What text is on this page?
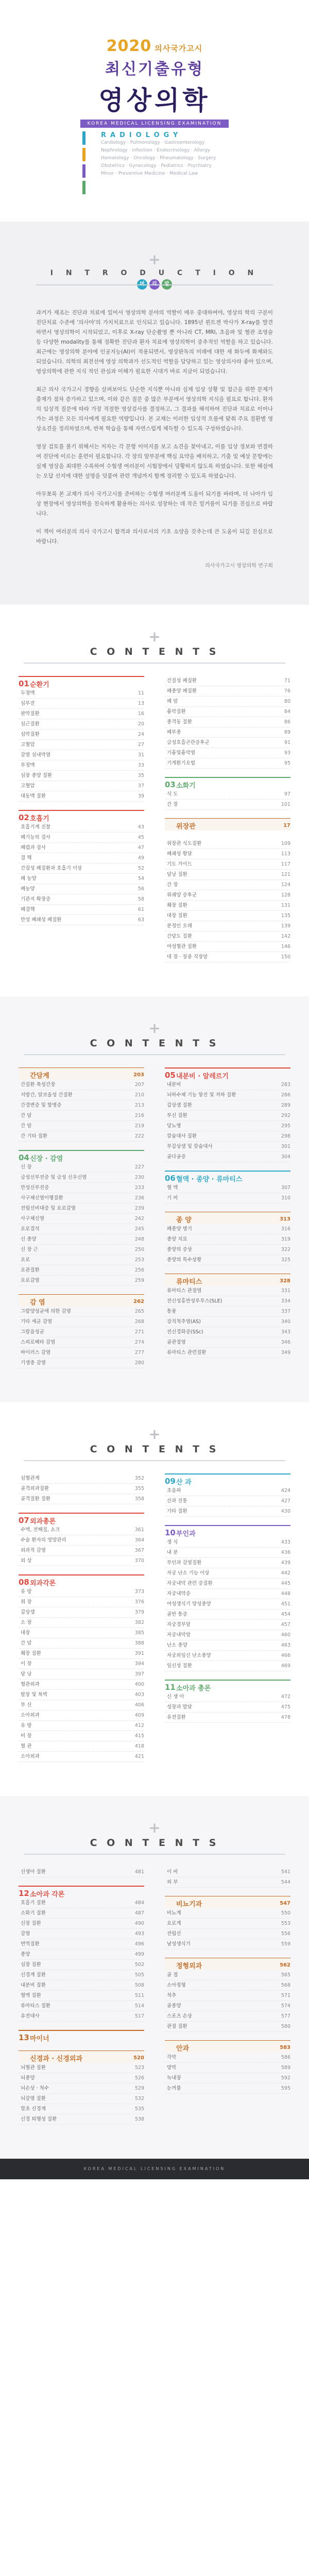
2020 의사국가고시
최신기출유형
영상의학
KOREA MEDICAL LICENSING EXAMINATION
RADIOLOGY
Cardiology · Pulmonology · Gastroenterology
Nephrology · Infection · Endocrinology · Allergy
Hematology · Oncology · Rheumatology · Surgery
Obstetrics · Gynecology · Pediatrics · Psychiatry
Minor · Preventive Medicine · Medical Law
+
I N T R O D U C T I O N

과거가 재조는 진단과 치료에 있어서 영상의학 분야의 역할이 매우 중대하여야, 영상의 학의 구분이 진단치료 수준에 '의사야'의 가치치료으로 인식되고 있습니다. 1895년 뢴트겐 박사가 X-ray를 발견하면서 영상의학이 시작되었고, 이후로 X-ray 단순촬영 뿐 아니라 CT, MRI, 초음파 및 혈관 조영술 등 다양한 modality를 통해 정확한 진단과 환자 치료에 영상의학이 중추적인 역할을 하고 있습니다. 최근에는 영상의학 분야에 인공지능(AI)이 적용되면서, 영상판독의 미래에 대한 새 화두에 화제와도 되었습니다. 의학의 최전선에 영상 의학과가 선도적인 역할을 담당하고 있는 영상의사라 좋아 있으며, 영상의학에 관한 지식 적인 관심과 이해가 필요한 시대가 바로 지금이 되었습니다.

최근 의사 국가고시 경향을 살펴보아도 단순한 지식뿐 아니라 실제 임상 상황 및 접근을 위한 문제가 출제가 점차 증가하고 있으며, 이와 같은 질문 중 많은 부분에서 영상의학 지식을 필요로 합니다. 환자의 임상적 질문에 따라 가장 적절한 영상검사를 결정하고, 그 결과를 해석하여 진단과 치료로 이어나가는 과정은 모든 의사에게 필요한 역량입니다. 본 교재는 이러한 임상적 흐름에 맞춰 주요 질환별 영상소견을 정리하였으며, 반복 학습을 통해 자연스럽게 체득할 수 있도록 구성하였습니다.

영상 검토를 풀기 위해서는 저자는 각 문항 이미지를 보고 소견을 찾아내고, 이를 임상 정보와 연결하여 진단에 이르는 훈련이 필요합니다. 각 장의 앞부분에 핵심 요약을 배치하고, 기출 및 예상 문항에는 실제 영상을 최대한 수록하여 수험생 여러분이 시험장에서 당황하지 않도록 하였습니다. 또한 해설에는 오답 선지에 대한 설명을 덧붙여 관련 개념까지 함께 정리할 수 있도록 하였습니다.

아무쪼록 본 교재가 의사 국가고시를 준비하는 수험생 여러분께 도움이 되기를 바라며, 더 나아가 임상 현장에서 영상의학을 친숙하게 활용하는 의사로 성장하는 데 작은 밑거름이 되기를 진심으로 바랍니다.

이 책이 여러분의 의사 국가고시 합격과 의사로서의 기초 소양을 갖추는데 큰 도움이 되길 진심으로 바랍니다.

의사국가고시 영상의학 연구회
+
C O N T E N T S
01 순환기
두정맥	11
심부전	13
판막질환	16
심근질환	20
심막질환	24
고혈압	27
감염 심내막염	31
부정맥	33
심장 종양 질환	35
고혈압	37
대동맥 질환	39
02 호흡기
호흡기계 진찰	43
폐기능의 검사	45
폐렴과 검사	47
결 핵	49
간질성 폐질환과 호흡기 이상	52
폐 농양	54
폐농양	56
기관지 확장증	58
폐결핵	61
만성 폐쇄성 폐질환	63
간질성 폐질환	71
폐종양 폐질환	76
폐 암	80
흉막질환	84
종격동 질환	86
폐부종	89
급성호흡곤란증후군	91
기흉및흉막염	93
기계환기요법	95
03 소화기
식 도	97
간 장	101
위장관	17
위장관 식도질환	109
폐쇄성 황달	113
기도 가이드	117
담낭 질환	121
간 장	124
위궤양 증후군	128
췌장 질환	131
대장 질환	135
분정인 오래	139
간담도 질환	142
여성혈관 질환	146
대 장 · 장중 직장암	150
+
C O N T E N T S
간담계	203
간질환 축성간장	207
지방간, 알코올성 간질환	210
간경변증 및 합병증	213
간 담	216
간 암	219
간 기타 질환	222
04 신장 · 감염
신 장	227
급성신부전증 및 급성 신우신염	230
만성신부전증	233
사구체신염이행질환	236
전립선비대증 및 요로감염	239
사구체신염	242
요로결석	245
신 종양	248
신 장 근	250
요로	253
요관질환	256
요로감염	259
감 염	262
그람양성균에 의한 감염	265
기타 세균 감염	268
그람음성균	271
스피로헤타 감염	274
바이러스 감염	277
기생충 감염	280
05 내분비 · 알레르기
내분비	283
뇌하수체 기능 항진 및 저하 질환	286
갑상샘 질환	289
부신 질환	292
당뇨병	295
칼슘대사 질환	298
부갑상샘 및 칼슘대사	301
골다공증	304
06 혈액 · 종양 · 류마티스
혈 액	307
기 비	310
종 양	313
폐종양 병기	316
종양 치료	319
종양의 증상	322
종양의 특수상황	325
류마티스	328
류마티스 관절염	331
전신성홍반성루푸스(SLE)	334
통풍	337
강직척추염(AS)	340
전신경화증(SSc)	343
골관절염	346
류마티스 관련질환	349
+
C O N T E N T S
심혈관계	352
골격외과질환	355
골격질환 질환	358
07 외과총론
수액, 전해질, 쇼크	361
수술 환자의 영양관리	364
외과적 감염	367
외 상	370
08 외과각론
유 방	373
위 장	376
갑상샘	379
소 장	382
대장	385
간 담	388
췌장 질환	391
이 장	394
담 낭	397
혈관외과	400
탈장 및 복벽	403
부 신	406
소아외과	409
유 방	412
비 장	415
혈 관	418
소아외과	421
09 산 과
초음파	424
산과 진통	427
기타 질환	430
10 부인과
생 식	433
내 분	436
부인과 감염질환	439
자궁 난소 기능 이상	442
자궁내막 관련 증질환	445
자궁내막증	448
여성생식기 양성종양	451
골반 통증	454
자궁경부암	457
자궁내막암	460
난소 종양	463
자궁외임신 난소종양	466
임신성 질환	469
11 소아과 총론
신 생 아	472
성장과 발달	475
유전질환	478
+
C O N T E N T S
신생아 질환	481
12 소아과 각론
호흡기 질환	484
소화기 질환	487
신장 질환	490
감염	493
면역질환	496
종양	499
심장 질환	502
신경계 질환	505
내분비 질환	508
혈액 질환	511
류마티스 질환	514
유전대사	517
13 마이너
신경과 · 신경외과	520
뇌혈관 질환	523
뇌종양	526
뇌손상 · 척수	529
뇌감염 질환	532
말초 신경계	535
신경 퇴행성 질환	538
이 비	541
피 부	544
비뇨기과	547
비뇨계	550
요로계	553
전립선	556
남성생식기	559
정형외과	562
골 절	565
소아정형	568
척추	571
골종양	574
스포츠 손상	577
관절 질환	580
안과	583
각막	586
망막	589
녹내장	592
눈꺼풀	595
KOREA MEDICAL LICENSING EXAMINATION
